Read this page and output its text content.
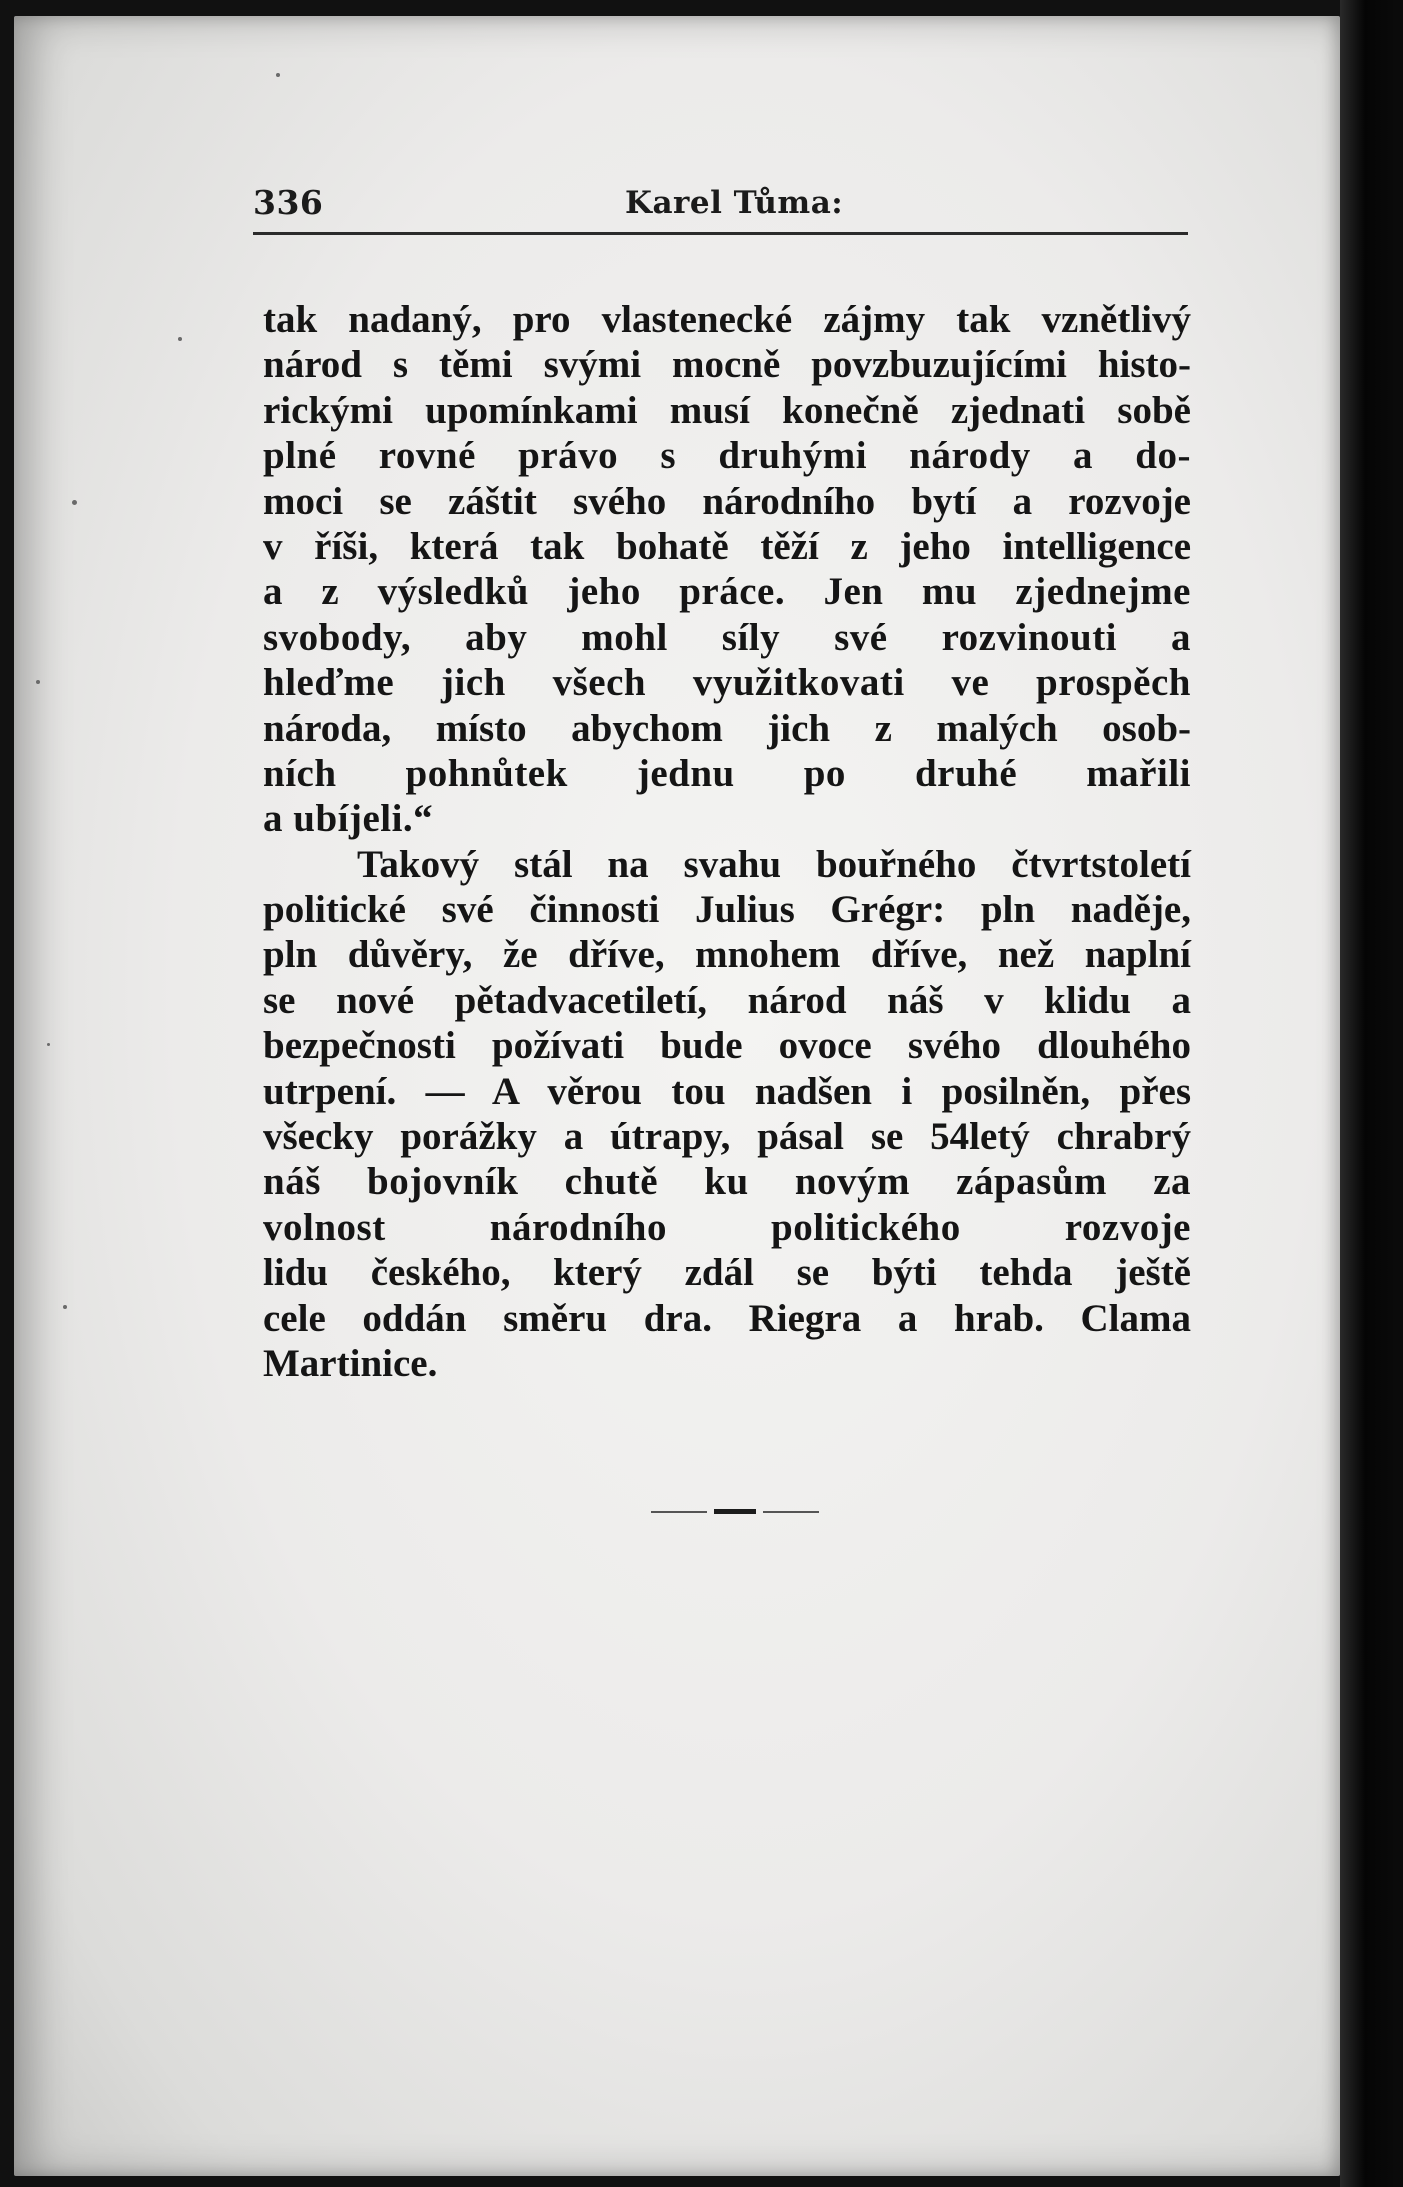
336	Karel Tůma:
tak nadaný, pro vlastenecké zájmy tak vznětlivý
národ s těmi svými mocně povzbuzujícími histo-
rickými upomínkami musí konečně zjednati sobě
plné rovné právo s druhými národy a do-
moci se záštit svého národního bytí a rozvoje
v říši, která tak bohatě těží z jeho intelligence
a z výsledků jeho práce. Jen mu zjednejme
svobody, aby mohl síly své rozvinouti a
hleďme jich všech využitkovati ve prospěch
národa, místo abychom jich z malých osob-
ních pohnůtek jednu po druhé mařili
a ubíjeli.“
Takový stál na svahu bouřného čtvrtstoletí
politické své činnosti Julius Grégr: pln naděje,
pln důvěry, že dříve, mnohem dříve, než naplní
se nové pětadvacetiletí, národ náš v klidu a
bezpečnosti požívati bude ovoce svého dlouhého
utrpení. — A věrou tou nadšen i posilněn, přes
všecky porážky a útrapy, pásal se 54letý chrabrý
náš bojovník chutě ku novým zápasům za
volnost národního politického rozvoje
lidu českého, který zdál se býti tehda ještě
cele oddán směru dra. Riegra a hrab. Clama
Martinice.
